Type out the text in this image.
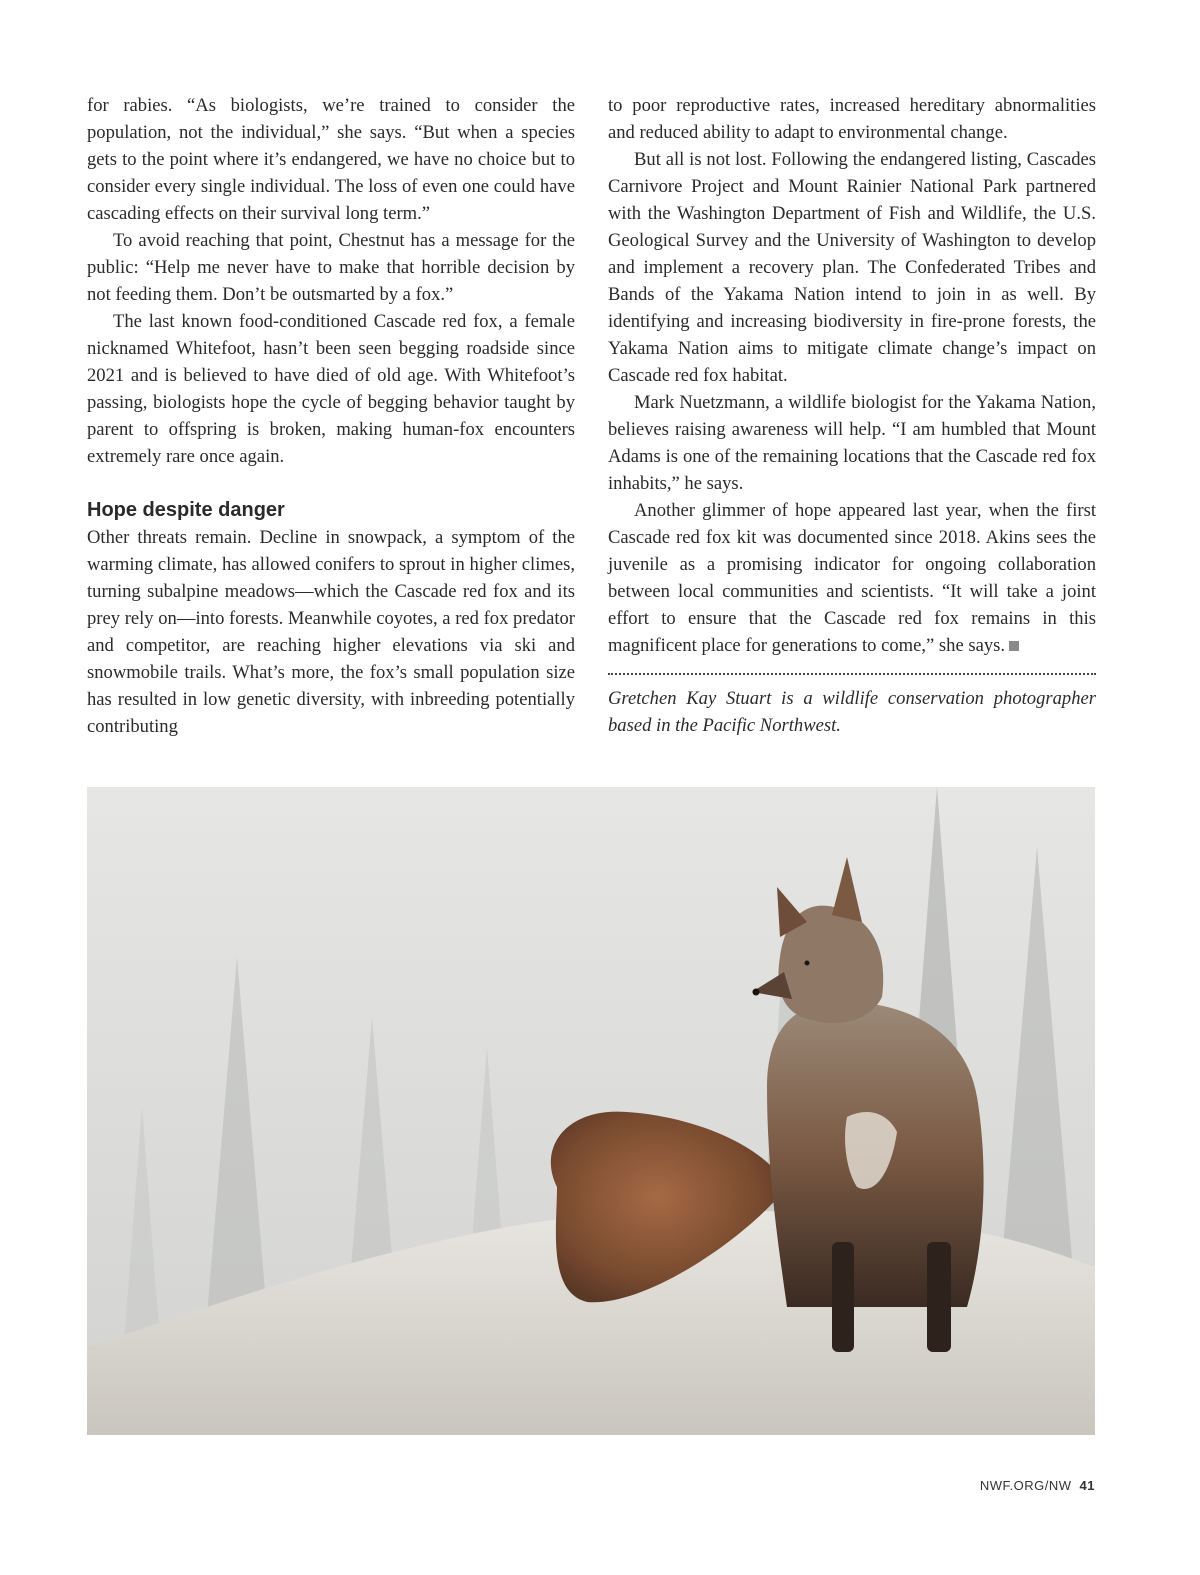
for rabies. “As biologists, we’re trained to consider the population, not the individual,” she says. “But when a species gets to the point where it’s endangered, we have no choice but to consider every single individual. The loss of even one could have cascading effects on their survival long term.”

To avoid reaching that point, Chestnut has a message for the public: “Help me never have to make that horrible decision by not feeding them. Don’t be outsmarted by a fox.”

The last known food-conditioned Cascade red fox, a female nicknamed Whitefoot, hasn’t been seen begging roadside since 2021 and is believed to have died of old age. With Whitefoot’s passing, biologists hope the cycle of begging behavior taught by parent to offspring is broken, making human-fox encounters extremely rare once again.

Hope despite danger

Other threats remain. Decline in snowpack, a symptom of the warming climate, has allowed conifers to sprout in higher climes, turning subalpine meadows—which the Cascade red fox and its prey rely on—into forests. Meanwhile coyotes, a red fox predator and competitor, are reaching higher elevations via ski and snowmobile trails. What’s more, the fox’s small population size has resulted in low genetic diversity, with inbreeding potentially contributing

to poor reproductive rates, increased hereditary abnormalities and reduced ability to adapt to environmental change.

But all is not lost. Following the endangered listing, Cascades Carnivore Project and Mount Rainier National Park partnered with the Washington Department of Fish and Wildlife, the U.S. Geological Survey and the University of Washington to develop and implement a recovery plan. The Confederated Tribes and Bands of the Yakama Nation intend to join in as well. By identifying and increasing biodiversity in fire-prone forests, the Yakama Nation aims to mitigate climate change’s impact on Cascade red fox habitat.

Mark Nuetzmann, a wildlife biologist for the Yakama Nation, believes raising awareness will help. “I am humbled that Mount Adams is one of the remaining locations that the Cascade red fox inhabits,” he says.

Another glimmer of hope appeared last year, when the first Cascade red fox kit was documented since 2018. Akins sees the juvenile as a promising indicator for ongoing collaboration between local communities and scientists. “It will take a joint effort to ensure that the Cascade red fox remains in this magnificent place for generations to come,” she says.

Gretchen Kay Stuart is a wildlife conservation photographer based in the Pacific Northwest.

NWF.ORG/NW 41
